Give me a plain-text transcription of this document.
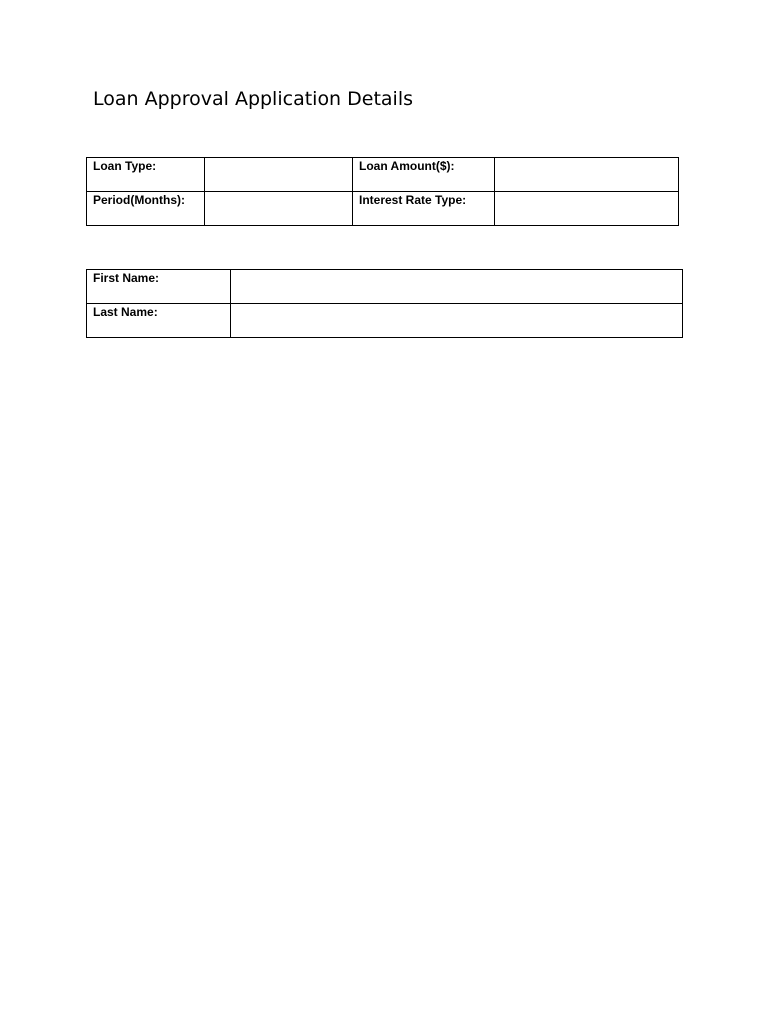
Loan Approval Application Details
Loan Type:		Loan Amount($):	

Period(Months):		Interest Rate Type:	

First Name:	

Last Name:	
